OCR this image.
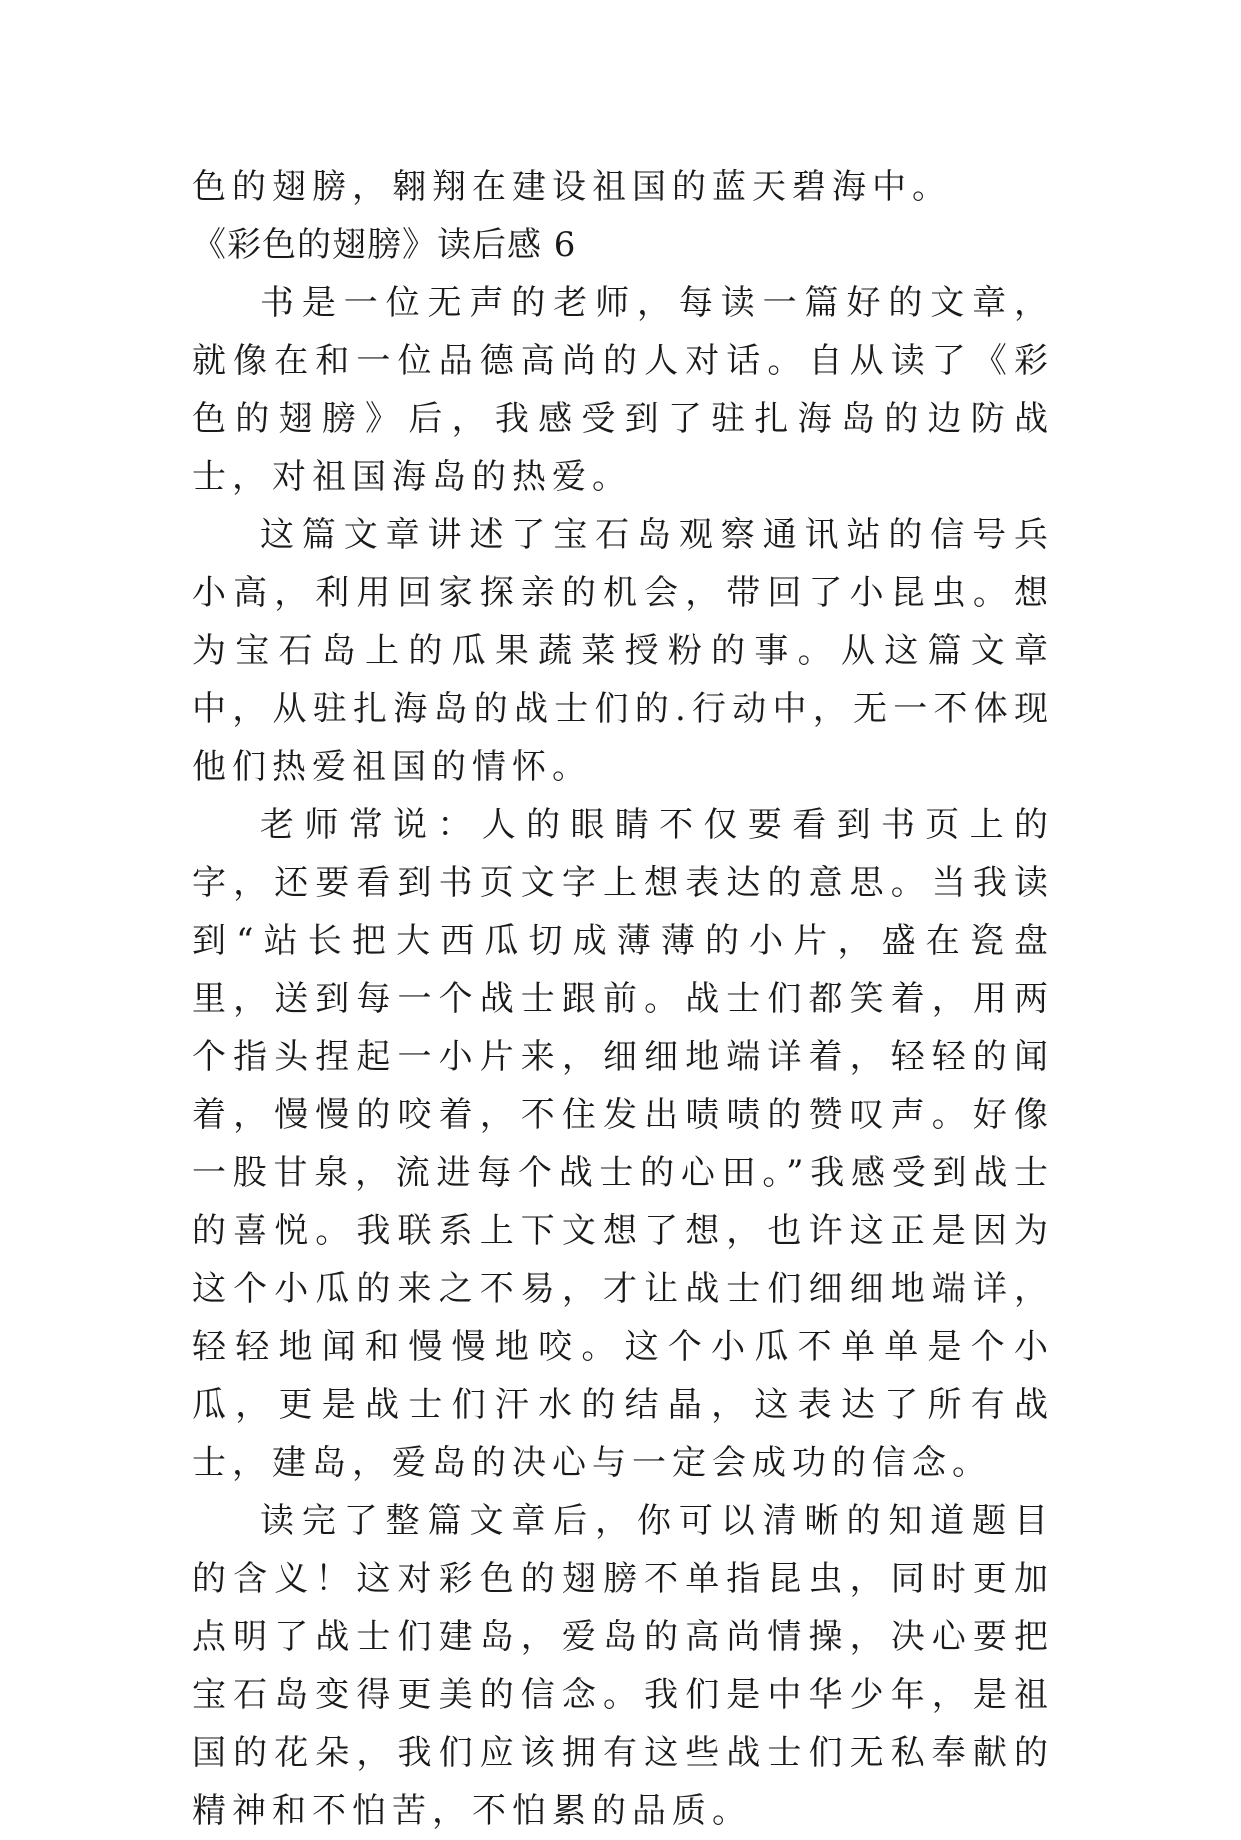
色的翅膀，翱翔在建设祖国的蓝天碧海中。

《彩色的翅膀》读后感 6

书是一位无声的老师，每读一篇好的文章，就像在和一位品德高尚的人对话。自从读了《彩色的翅膀》后，我感受到了驻扎海岛的边防战士，对祖国海岛的热爱。

这篇文章讲述了宝石岛观察通讯站的信号兵小高，利用回家探亲的机会，带回了小昆虫。想为宝石岛上的瓜果蔬菜授粉的事。从这篇文章中，从驻扎海岛的战士们的.行动中，无一不体现他们热爱祖国的情怀。

老师常说：人的眼睛不仅要看到书页上的字，还要看到书页文字上想表达的意思。当我读到“站长把大西瓜切成薄薄的小片，盛在瓷盘里，送到每一个战士跟前。战士们都笑着，用两个指头捏起一小片来，细细地端详着，轻轻的闻着，慢慢的咬着，不住发出啧啧的赞叹声。好像一股甘泉，流进每个战士的心田。”我感受到战士的喜悦。我联系上下文想了想，也许这正是因为这个小瓜的来之不易，才让战士们细细地端详，轻轻地闻和慢慢地咬。这个小瓜不单单是个小瓜，更是战士们汗水的结晶，这表达了所有战士，建岛，爱岛的决心与一定会成功的信念。

读完了整篇文章后，你可以清晰的知道题目的含义！这对彩色的翅膀不单指昆虫，同时更加点明了战士们建岛，爱岛的高尚情操，决心要把宝石岛变得更美的信念。我们是中华少年，是祖国的花朵，我们应该拥有这些战士们无私奉献的精神和不怕苦，不怕累的品质。
